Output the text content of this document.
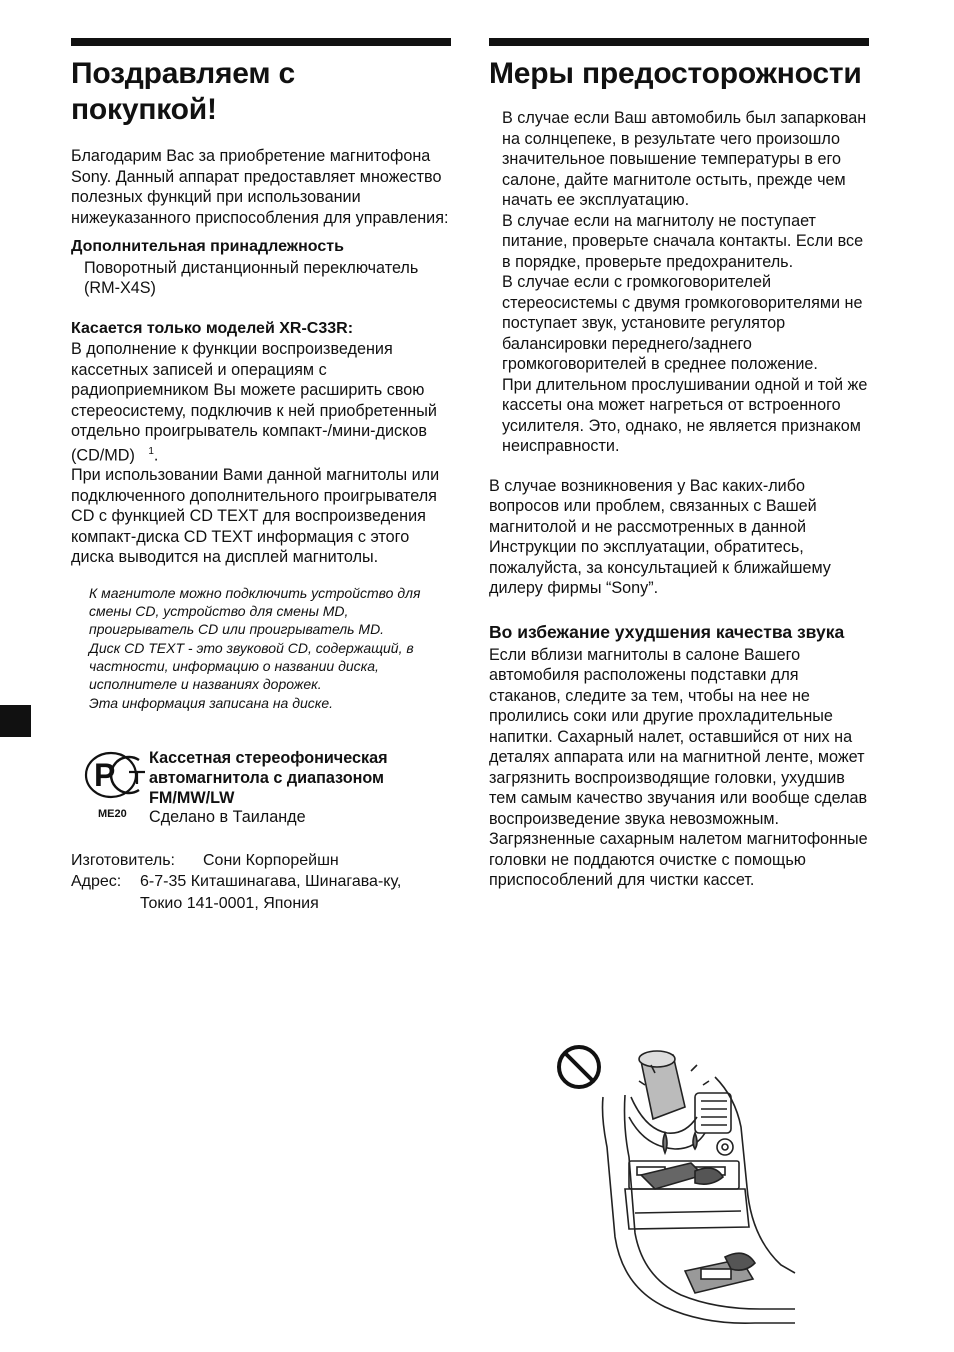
Поздравляем с
покупкой!

Благодарим Вас за приобретение магнитофона Sony. Данный аппарат предоставляет множество полезных функций при использовании нижеуказанного приспособления для управления:

Дополнительная принадлежность

Поворотный дистанционный переключатель (RM-X4S)

Касается только моделей XR-C33R:

В дополнение к функции воспроизведения кассетных записей и операциям с радиоприемником Вы можете расширить свою стереосистему, подключив к ней приобретенный отдельно проигрыватель компакт-/мини-дисков (CD/MD) $^1$.

При использовании Вами данной магнитолы или подключенного дополнительного проигрывателя CD с функцией CD TEXT для воспроизведения компакт-диска CD TEXT информация с этого диска выводится на дисплей магнитолы.

К магнитоле можно подключить устройство для смены CD, устройство для смены MD, проигрыватель CD или проигрыватель MD.
Диск CD TEXT - это звуковой CD, содержащий, в частности, информацию о названии диска, исполнителе и названиях дорожек.
Эта информация записана на диске.
Р
ME20
Кассетная стереофоническая автомагнитола с диапазоном FM/MW/LW
Сделано в Таиланде
Изготовитель:	Сони Корпорейшн
Адрес:	6-7-35 Киташинагава, Шинагава-ку,
Токио 141-0001, Япония
Меры предосторожности

В случае если Ваш автомобиль был запаркован на солнцепеке, в результате чего произошло значительное повышение температуры в его салоне, дайте магнитоле остыть, прежде чем начать ее эксплуатацию.

В случае если на магнитолу не поступает питание, проверьте сначала контакты. Если все в порядке, проверьте предохранитель.

В случае если с громкоговорителей стереосистемы с двумя громкоговорителями не поступает звук, установите регулятор балансировки переднего/заднего громкоговорителей в среднее положение.

При длительном прослушивании одной и той же кассеты она может нагреться от встроенного усилителя. Это, однако, не является признаком неисправности.

В случае возникновения у Вас каких-либо вопросов или проблем, связанных с Вашей магнитолой и не рассмотренных в данной Инструкции по эксплуатации, обратитесь, пожалуйста, за консультацией к ближайшему дилеру фирмы “Sony”.

Во избежание ухудшения качества звука

Если вблизи магнитолы в салоне Вашего автомобиля расположены подставки для стаканов, следите за тем, чтобы на нее не пролились соки или другие прохладительные напитки. Сахарный налет, оставшийся от них на деталях аппарата или на магнитной ленте, может загрязнить воспроизводящие головки, ухудшив тем самым качество звучания или вообще сделав воспроизведение звука невозможным.

Загрязненные сахарным налетом магнитофонные головки не поддаются очистке с помощью приспособлений для чистки кассет.
